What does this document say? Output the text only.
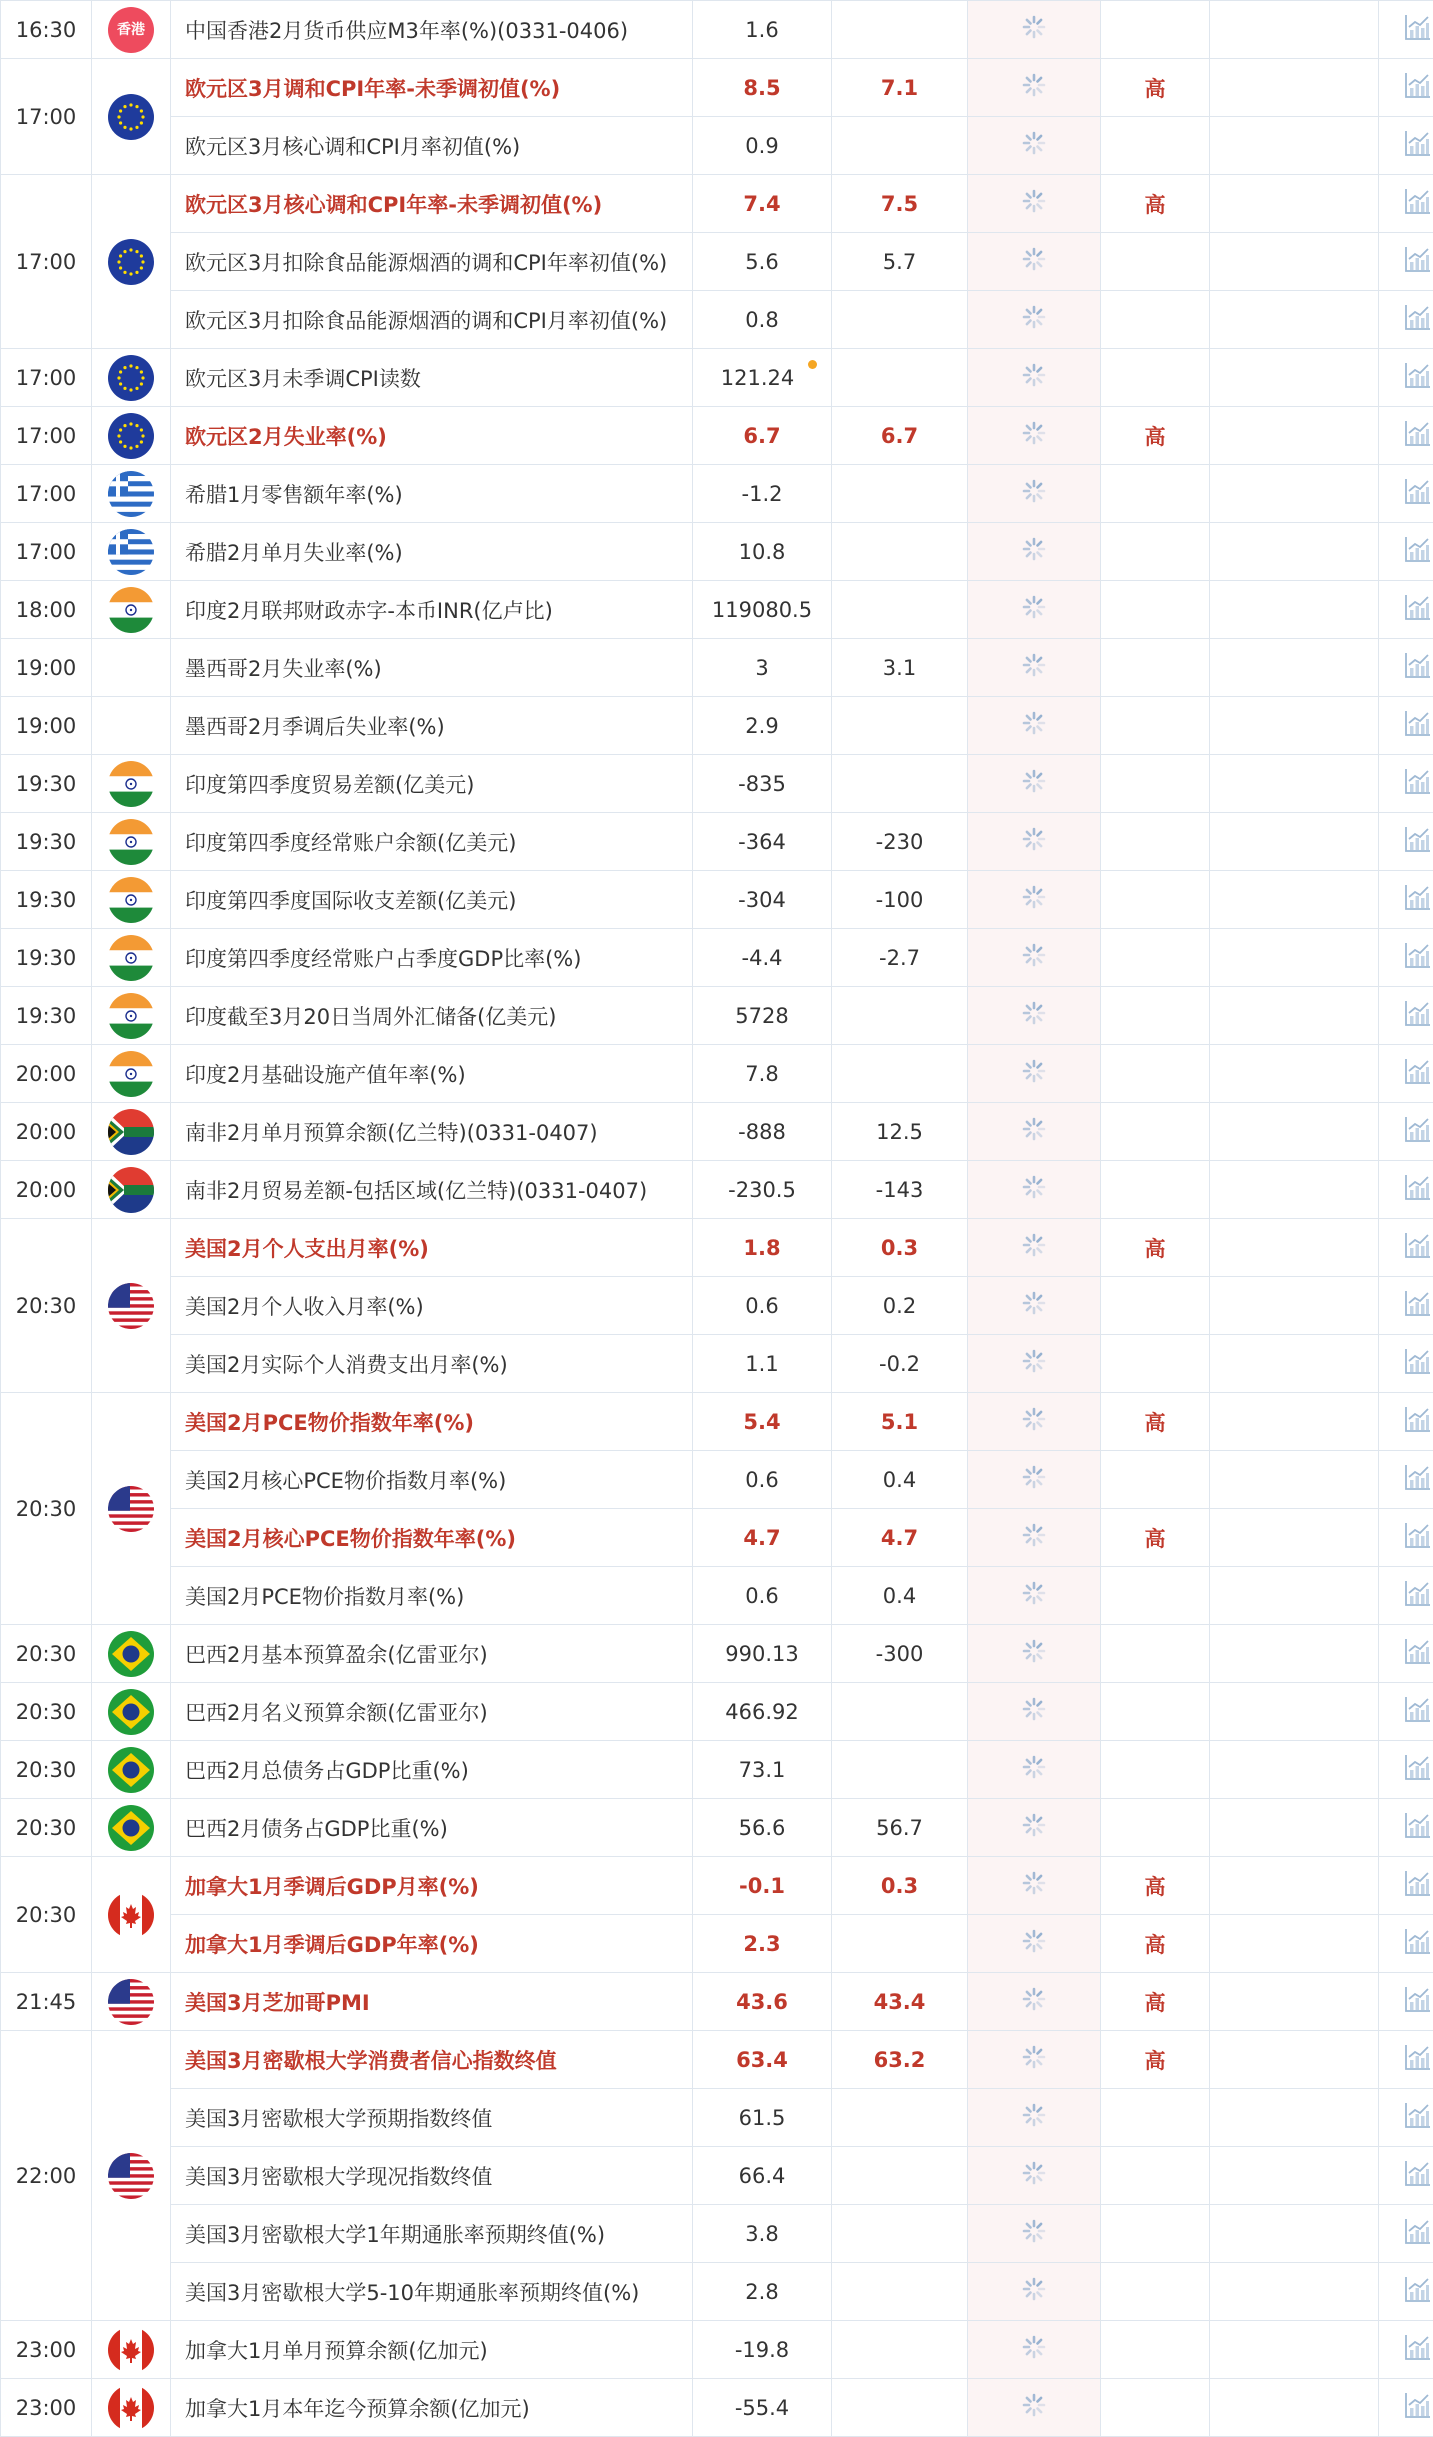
16:30	香港	中国香港2月货币供应M3年率(%)(0331-0406)	1.6					
17:00		欧元区3月调和CPI年率-未季调初值(%)	8.5	7.1		高		
		欧元区3月核心调和CPI月率初值(%)	0.9					
17:00		欧元区3月核心调和CPI年率-未季调初值(%)	7.4	7.5		高		
		欧元区3月扣除食品能源烟酒的调和CPI年率初值(%)	5.6	5.7				
		欧元区3月扣除食品能源烟酒的调和CPI月率初值(%)	0.8					
17:00		欧元区3月未季调CPI读数	121.24					
17:00		欧元区2月失业率(%)	6.7	6.7		高		
17:00		希腊1月零售额年率(%)	-1.2					
17:00		希腊2月单月失业率(%)	10.8					
18:00		印度2月联邦财政赤字-本币INR(亿卢比)	119080.5					
19:00		墨西哥2月失业率(%)	3	3.1				
19:00		墨西哥2月季调后失业率(%)	2.9					
19:30		印度第四季度贸易差额(亿美元)	-835					
19:30		印度第四季度经常账户余额(亿美元)	-364	-230				
19:30		印度第四季度国际收支差额(亿美元)	-304	-100				
19:30		印度第四季度经常账户占季度GDP比率(%)	-4.4	-2.7				
19:30		印度截至3月20日当周外汇储备(亿美元)	5728					
20:00		印度2月基础设施产值年率(%)	7.8					
20:00		南非2月单月预算余额(亿兰特)(0331-0407)	-888	12.5				
20:00		南非2月贸易差额-包括区域(亿兰特)(0331-0407)	-230.5	-143				
20:30		美国2月个人支出月率(%)	1.8	0.3		高		
		美国2月个人收入月率(%)	0.6	0.2				
		美国2月实际个人消费支出月率(%)	1.1	-0.2				
20:30		美国2月PCE物价指数年率(%)	5.4	5.1		高		
		美国2月核心PCE物价指数月率(%)	0.6	0.4				
		美国2月核心PCE物价指数年率(%)	4.7	4.7		高		
		美国2月PCE物价指数月率(%)	0.6	0.4				
20:30		巴西2月基本预算盈余(亿雷亚尔)	990.13	-300				
20:30		巴西2月名义预算余额(亿雷亚尔)	466.92					
20:30		巴西2月总债务占GDP比重(%)	73.1					
20:30		巴西2月债务占GDP比重(%)	56.6	56.7				
20:30		加拿大1月季调后GDP月率(%)	-0.1	0.3		高		
		加拿大1月季调后GDP年率(%)	2.3			高		
21:45		美国3月芝加哥PMI	43.6	43.4		高		
22:00		美国3月密歇根大学消费者信心指数终值	63.4	63.2		高		
		美国3月密歇根大学预期指数终值	61.5					
		美国3月密歇根大学现况指数终值	66.4					
		美国3月密歇根大学1年期通胀率预期终值(%)	3.8					
		美国3月密歇根大学5-10年期通胀率预期终值(%)	2.8					
23:00		加拿大1月单月预算余额(亿加元)	-19.8					
23:00		加拿大1月本年迄今预算余额(亿加元)	-55.4					
